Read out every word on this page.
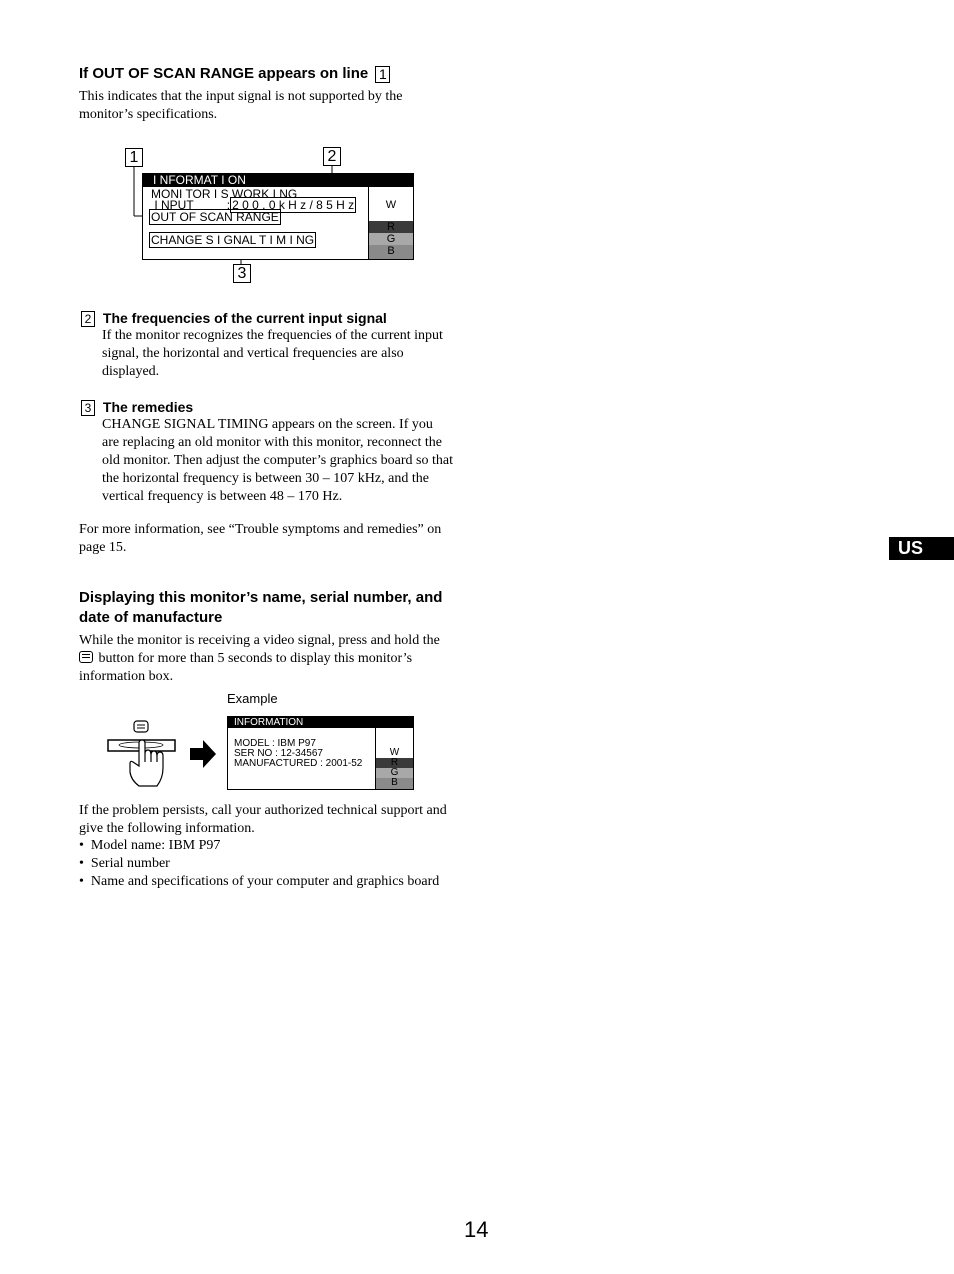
If OUT OF SCAN RANGE appears on line 1

This indicates that the input signal is not supported by the monitor’s specifications.

1	2
3
I NFORMAT I ON
MONI TOR I S WORK I NG
I NPUT          : 2 0 0 . 0 k H z / 8 5 H z
OUT OF SCAN RANGE
CHANGE S I GNAL T I M I NG
W
R
G
B
2 The frequencies of the current input signal

If the monitor recognizes the frequencies of the current input signal, the horizontal and vertical frequencies are also displayed.

3 The remedies

CHANGE SIGNAL TIMING appears on the screen. If you are replacing an old monitor with this monitor, reconnect the old monitor. Then adjust the computer’s graphics board so that the horizontal frequency is between 30 – 107 kHz, and the vertical frequency is between 48 – 170 Hz.

For more information, see “Trouble symptoms and remedies” on page 15.	US
Displaying this monitor’s name, serial number, and date of manufacture

While the monitor is receiving a video signal, press and hold the
button for more than 5 seconds to display this monitor’s information box.

Example
INFORMATION
MODEL : IBM P97
SER NO : 12-34567
MANUFACTURED : 2001-52
W
R
G
B

If the problem persists, call your authorized technical support and give the following information.

•  Model name: IBM P97
•  Serial number
•  Name and specifications of your computer and graphics board
14
